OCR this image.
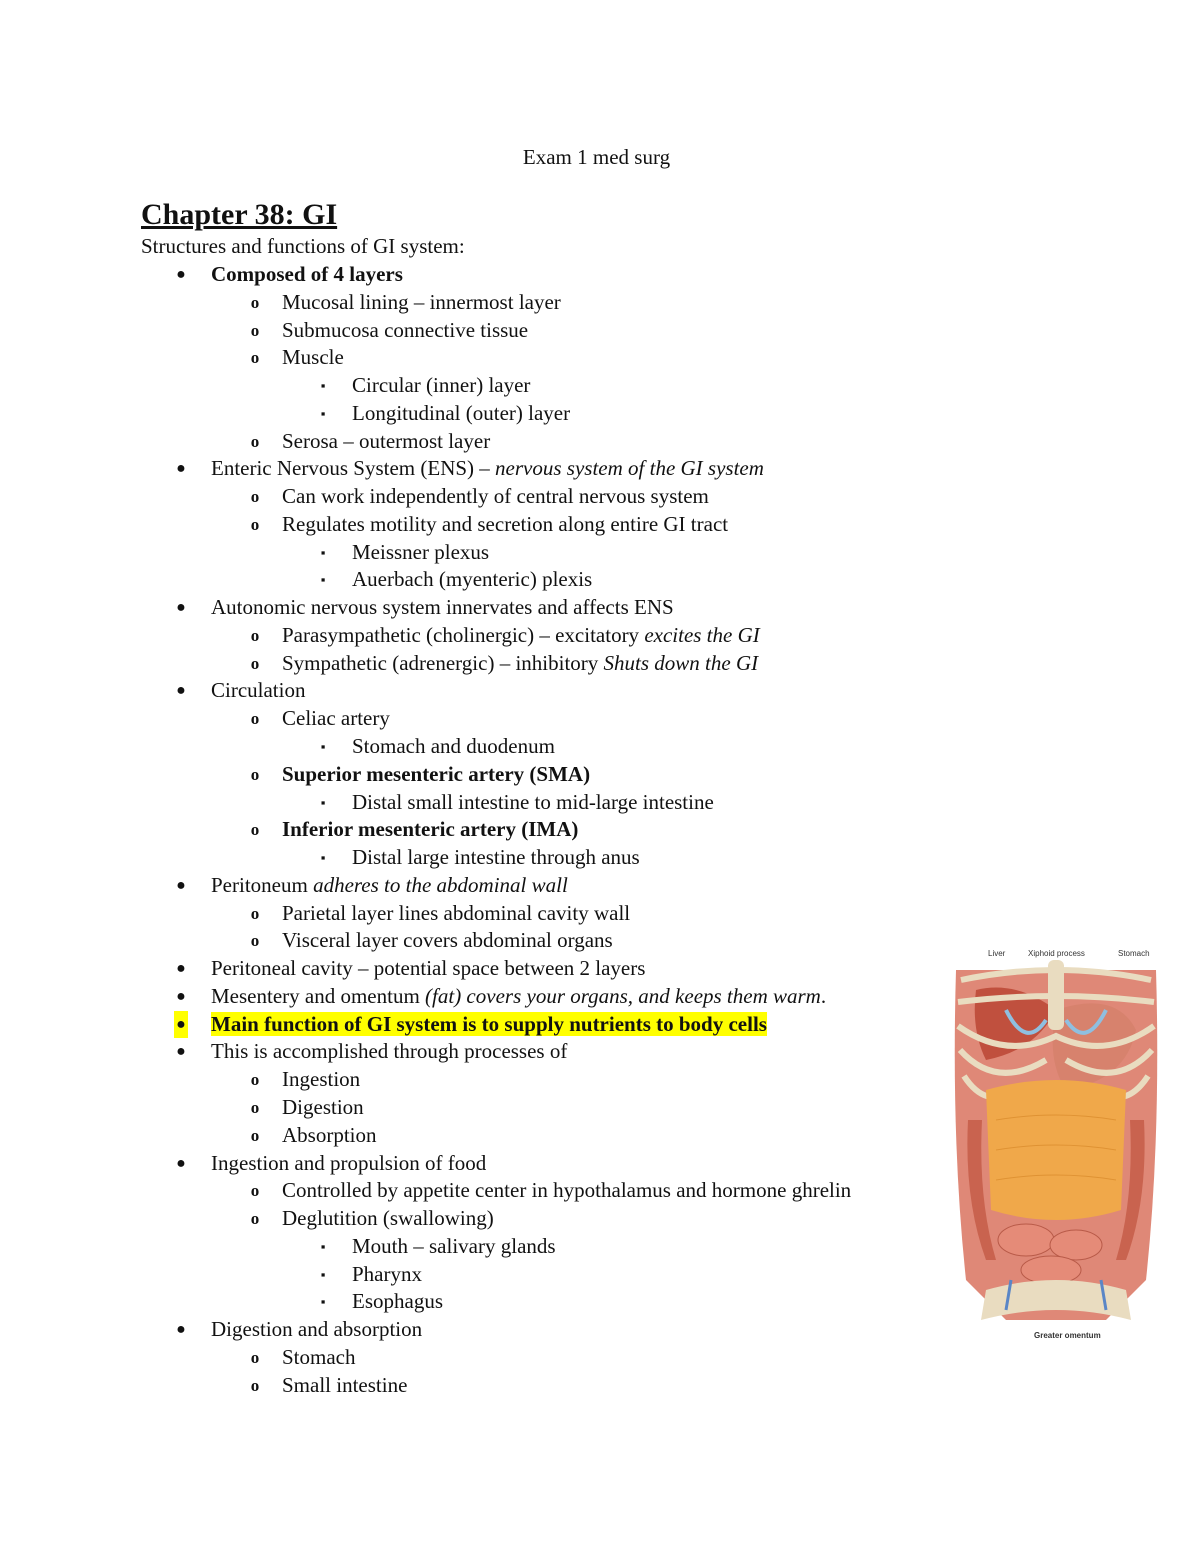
Exam 1 med surg
Chapter 38: GI
Structures and functions of GI system:
● Composed of 4 layers
o Mucosal lining – innermost layer
o Submucosa connective tissue
o Muscle
▪ Circular (inner) layer
▪ Longitudinal (outer) layer
o Serosa – outermost layer
● Enteric Nervous System (ENS) – nervous system of the GI system
o Can work independently of central nervous system
o Regulates motility and secretion along entire GI tract
▪ Meissner plexus
▪ Auerbach (myenteric) plexis
● Autonomic nervous system innervates and affects ENS
o Parasympathetic (cholinergic) – excitatory excites the GI
o Sympathetic (adrenergic) – inhibitory Shuts down the GI
● Circulation
o Celiac artery
▪ Stomach and duodenum
o Superior mesenteric artery (SMA)
▪ Distal small intestine to mid-large intestine
o Inferior mesenteric artery (IMA)
▪ Distal large intestine through anus
● Peritoneum adheres to the abdominal wall
o Parietal layer lines abdominal cavity wall
o Visceral layer covers abdominal organs
● Peritoneal cavity – potential space between 2 layers
● Mesentery and omentum (fat) covers your organs, and keeps them warm.
● Main function of GI system is to supply nutrients to body cells
● This is accomplished through processes of
o Ingestion
o Digestion
o Absorption
● Ingestion and propulsion of food
o Controlled by appetite center in hypothalamus and hormone ghrelin
o Deglutition (swallowing)
▪ Mouth – salivary glands
▪ Pharynx
▪ Esophagus
● Digestion and absorption
o Stomach
o Small intestine
Liver	Xiphoid process	Stomach
Greater omentum
